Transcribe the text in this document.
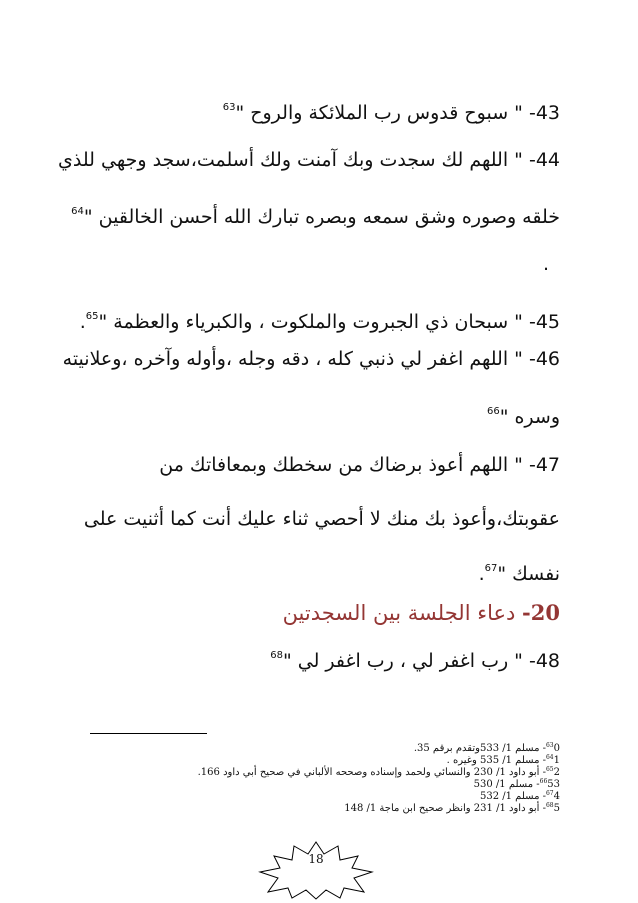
43- " سبوح قدوس رب الملائكة والروح "$^{63}$
44- " اللهم لك سجدت وبك آمنت ولك أسلمت،سجد وجهي للذي
خلقه وصوره وشق سمعه وبصره تبارك الله أحسن الخالقين "$^{64}$
.
45- " سبحان ذي الجبروت والملكوت ، والكبرياء والعظمة "$^{65}$.
46- " اللهم اغفر لي ذنبي كله ، دقه وجله ،وأوله وآخره ،وعلانيته
وسره "$^{66}$
47- " اللهم أعوذ برضاك من سخطك وبمعافاتك من
عقوبتك،وأعوذ بك منك لا أحصي ثناء عليك أنت كما أثنيت على
نفسك "$^{67}$.
20- دعاء الجلسة بين السجدتين
48- " رب اغفر لي ، رب اغفر لي "$^{68}$
$^{63}$0- مسلم 1/ 533وتقدم برقم 35.
$^{64}$1- مسلم 1/ 535 وغيره .
$^{65}$2- أبو داود 1/ 230 والنسائي ولحمد وإسناده وصححه الألباني في صحيح أبي داود 166.
$^{66}$53- مسلم 1/ 530
$^{67}$4- مسلم 1/ 532
$^{68}$5- أبو داود 1/ 231 وانظر صحيح ابن ماجة 1/ 148
18
